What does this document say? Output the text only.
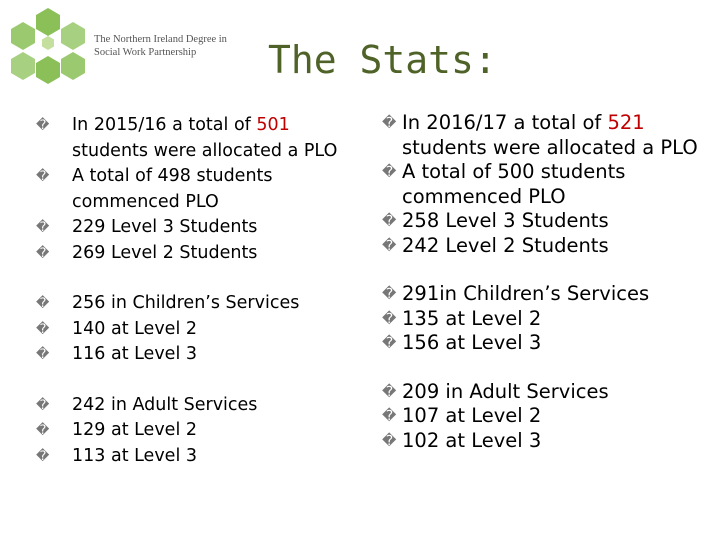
The Northern Ireland Degree in
Social Work Partnership	The Stats:
� In 2015/16 a total of 501 students were allocated a PLO
� A total of 498 students commenced PLO
� 229 Level 3 Students
� 269 Level 2 Students
� 256 in Children’s Services
� 140 at Level 2
� 116 at Level 3
� 242 in Adult Services
� 129 at Level 2
� 113 at Level 3
� In 2016/17 a total of 521 students were allocated a PLO
� A total of 500 students commenced PLO
� 258 Level 3 Students
� 242 Level 2 Students
� 291in Children’s Services
� 135 at Level 2
� 156 at Level 3
� 209 in Adult Services
� 107 at Level 2
� 102 at Level 3
